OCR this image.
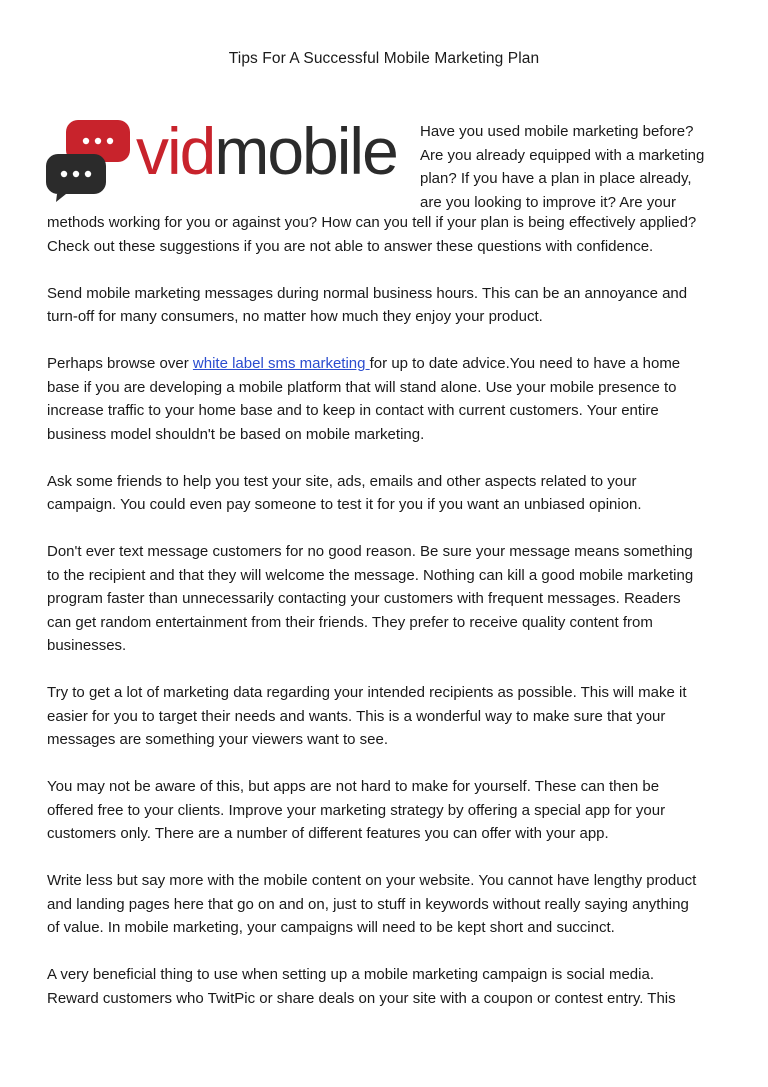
Tips For A Successful Mobile Marketing Plan
vidmobile Have you used mobile marketing before?
Are you already equipped with a marketing
plan? If you have a plan in place already,
are you looking to improve it? Are your
methods working for you or against you? How can you tell if your plan is being effectively applied?
Check out these suggestions if you are not able to answer these questions with confidence.
Send mobile marketing messages during normal business hours. This can be an annoyance and
turn-off for many consumers, no matter how much they enjoy your product.
Perhaps browse over white label sms marketing for up to date advice.You need to have a home
base if you are developing a mobile platform that will stand alone. Use your mobile presence to
increase traffic to your home base and to keep in contact with current customers. Your entire
business model shouldn't be based on mobile marketing.
Ask some friends to help you test your site, ads, emails and other aspects related to your
campaign. You could even pay someone to test it for you if you want an unbiased opinion.
Don't ever text message customers for no good reason. Be sure your message means something
to the recipient and that they will welcome the message. Nothing can kill a good mobile marketing
program faster than unnecessarily contacting your customers with frequent messages. Readers
can get random entertainment from their friends. They prefer to receive quality content from
businesses.
Try to get a lot of marketing data regarding your intended recipients as possible. This will make it
easier for you to target their needs and wants. This is a wonderful way to make sure that your
messages are something your viewers want to see.
You may not be aware of this, but apps are not hard to make for yourself. These can then be
offered free to your clients. Improve your marketing strategy by offering a special app for your
customers only. There are a number of different features you can offer with your app.
Write less but say more with the mobile content on your website. You cannot have lengthy product
and landing pages here that go on and on, just to stuff in keywords without really saying anything
of value. In mobile marketing, your campaigns will need to be kept short and succinct.
A very beneficial thing to use when setting up a mobile marketing campaign is social media.
Reward customers who TwitPic or share deals on your site with a coupon or contest entry. This
